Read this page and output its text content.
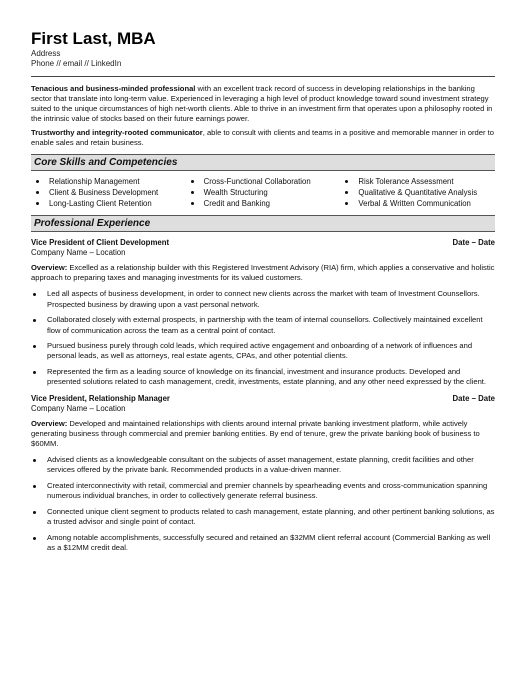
First Last, MBA
Address
Phone // email // LinkedIn

Tenacious and business-minded professional with an excellent track record of success in developing relationships in the banking sector that translate into long-term value. Experienced in leveraging a high level of product knowledge toward sound investment strategy suited to the unique circumstances of high net-worth clients. Able to thrive in an investment firm that operates upon a philosophy rooted in the intrinsic value of stocks based on their future earnings power.

Trustworthy and integrity-rooted communicator, able to consult with clients and teams in a positive and memorable manner in order to enable sales and retain business.

Core Skills and Competencies
Relationship Management
Client & Business Development
Long-Lasting Client Retention
Cross-Functional Collaboration
Wealth Structuring
Credit and Banking
Risk Tolerance Assessment
Qualitative & Quantitative Analysis
Verbal & Written Communication
Professional Experience
Vice President of Client Development	Date – Date
Company Name – Location
Overview: Excelled as a relationship builder with this Registered Investment Advisory (RIA) firm, which applies a conservative and holistic approach to preparing taxes and managing investments for its valued customers.
Led all aspects of business development, in order to connect new clients across the market with team of Investment Counsellors. Prospected business by drawing upon a vast personal network.
Collaborated closely with external prospects, in partnership with the team of internal counsellors. Collectively maintained excellent flow of communication across the team as a central point of contact.
Pursued business purely through cold leads, which required active engagement and onboarding of a network of influences and personal leads, as well as attorneys, real estate agents, CPAs, and other potential clients.
Represented the firm as a leading source of knowledge on its financial, investment and insurance products. Developed and presented solutions related to cash management, credit, investments, estate planning, and any other need expressed by the client.
Vice President, Relationship Manager	Date – Date
Company Name – Location
Overview: Developed and maintained relationships with clients around internal private banking investment platform, while actively generating business through commercial and premier banking entities. By end of tenure, grew the private banking book of business to $60MM.
Advised clients as a knowledgeable consultant on the subjects of asset management, estate planning, credit facilities and other services offered by the private bank. Recommended products in a value-driven manner.
Created interconnectivity with retail, commercial and premier channels by spearheading events and cross-communication spanning numerous individual branches, in order to collectively generate referral business.
Connected unique client segment to products related to cash management, estate planning, and other pertinent banking solutions, as a trusted advisor and single point of contact.
Among notable accomplishments, successfully secured and retained an $32MM client referral account (Commercial Banking as well as a $12MM credit deal.
